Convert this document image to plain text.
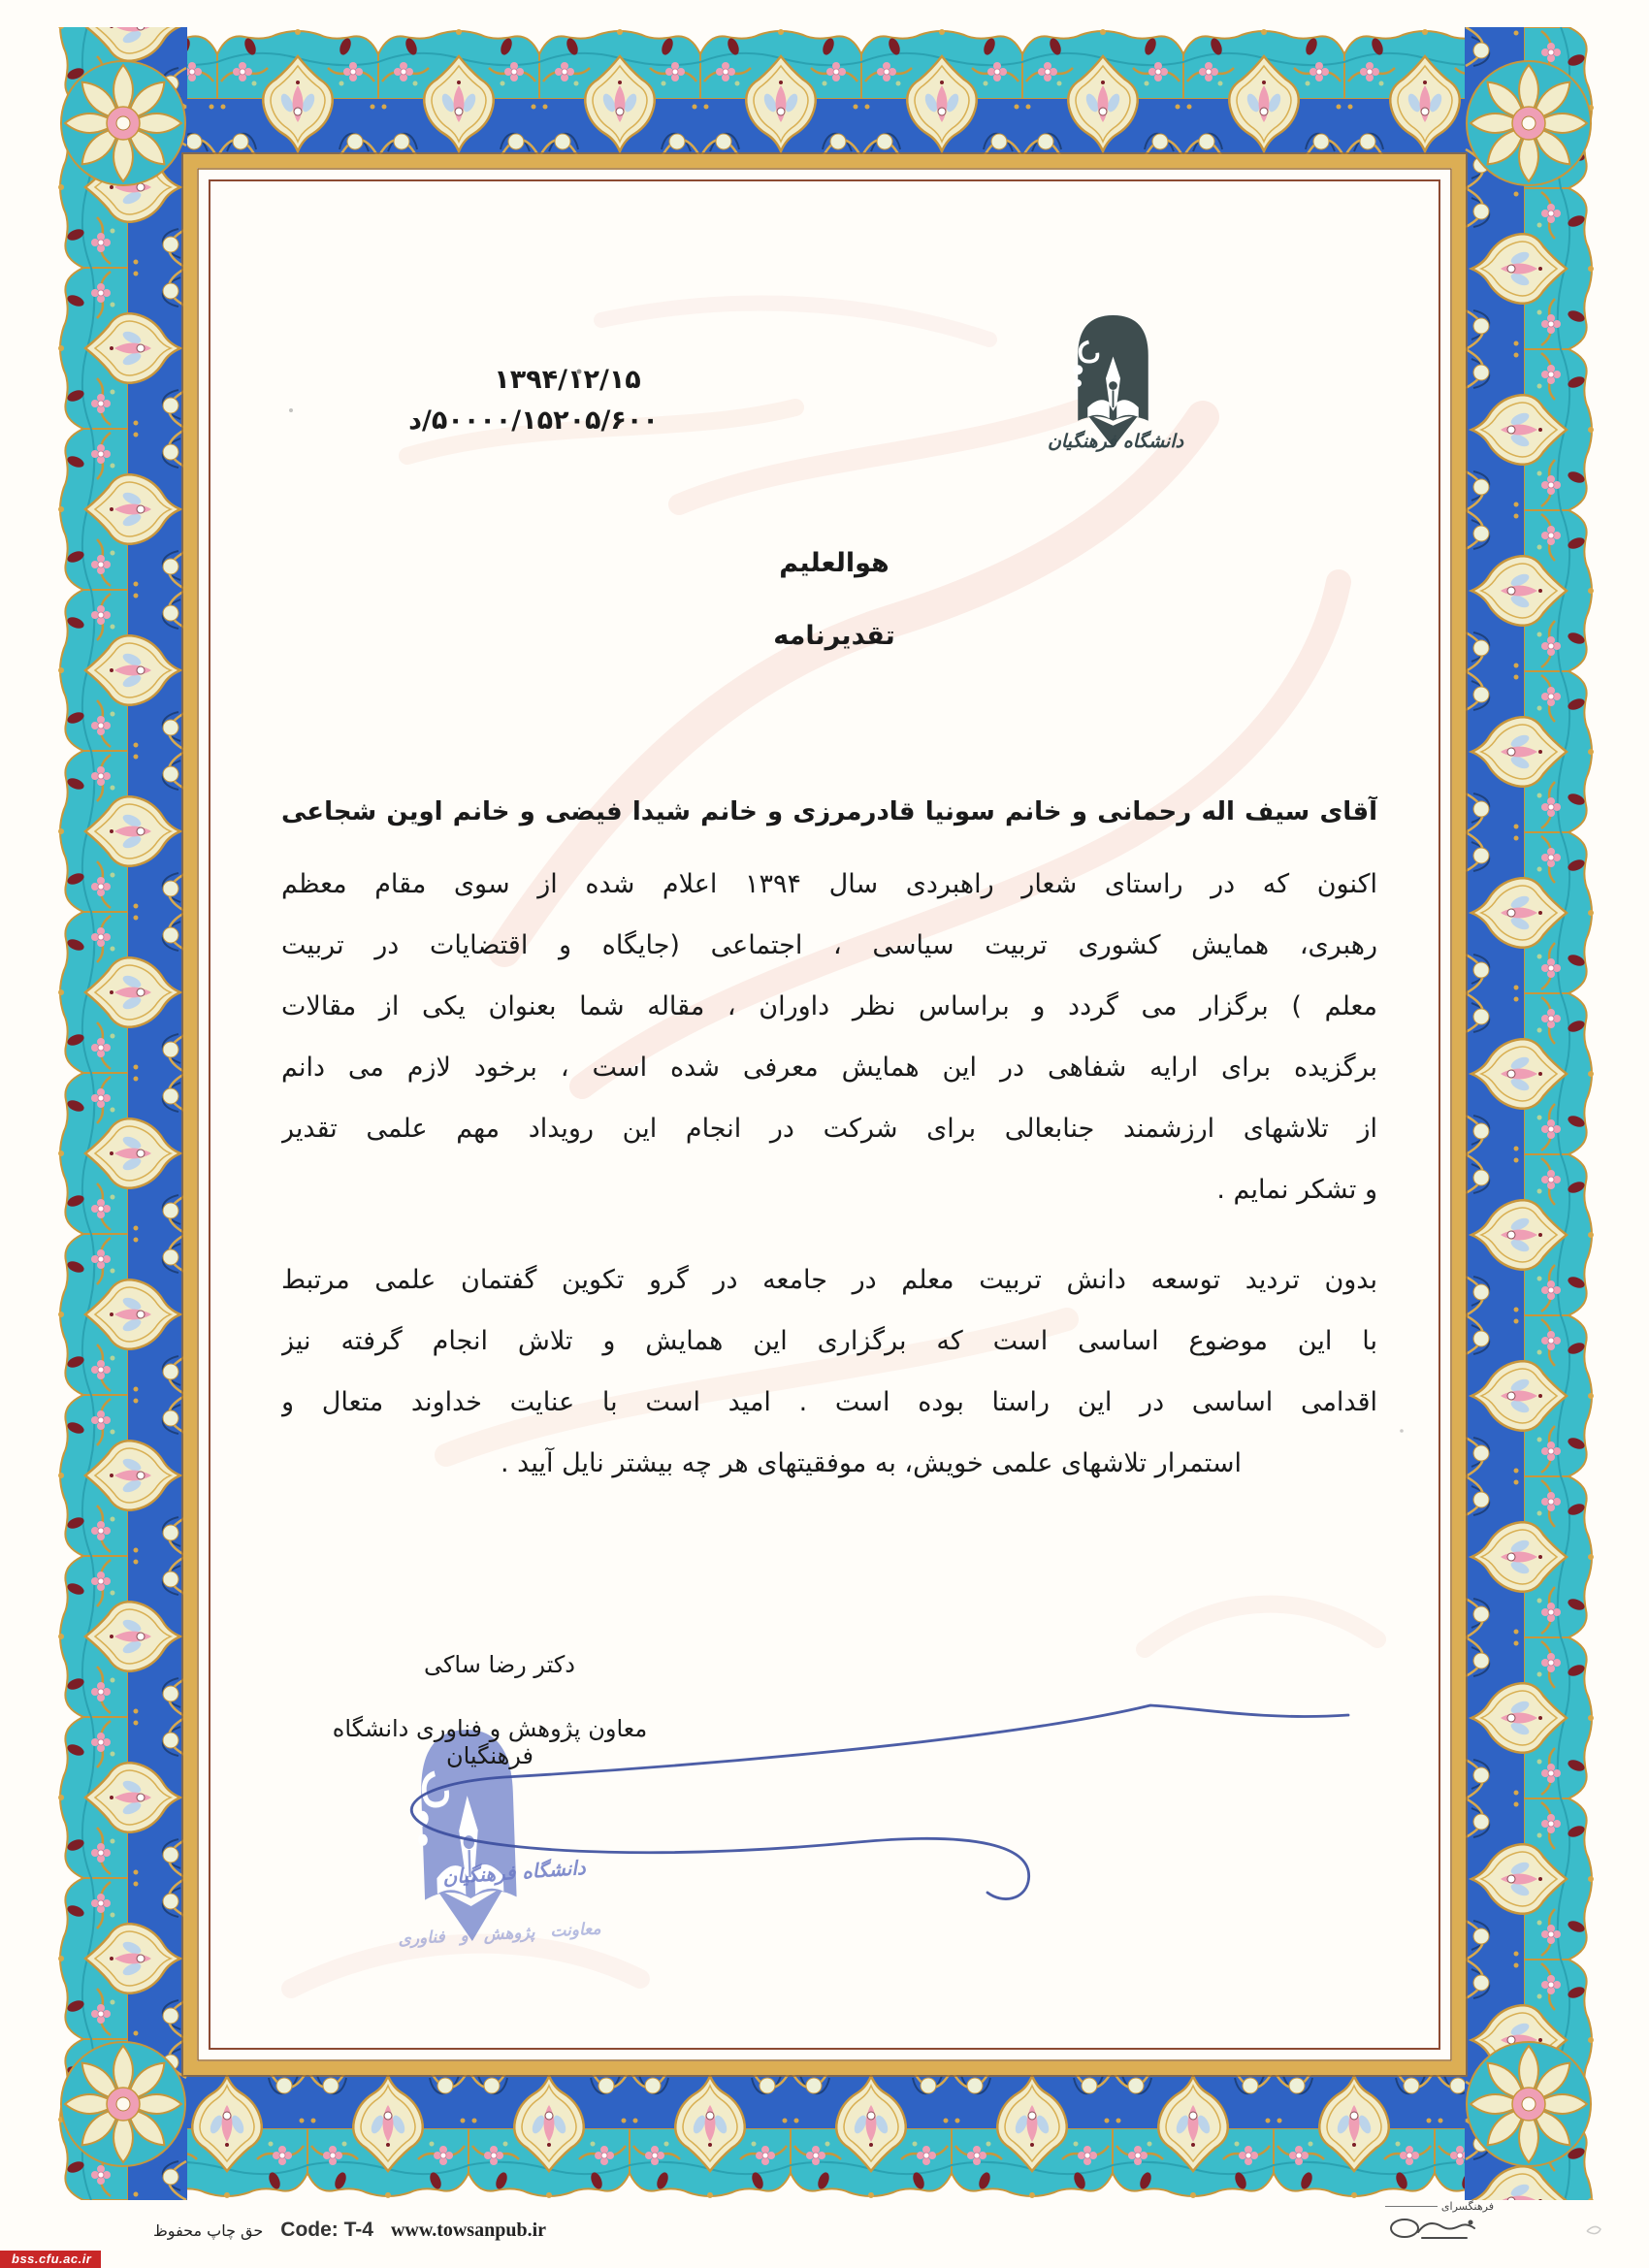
۱۳۹۴/۱۲/۱۵
۵۰۰۰۰/۱۵۲۰۵/۶۰۰/د
دانشگاه فرهنگیان
هوالعلیم
تقدیرنامه
آقای سیف اله رحمانی و خانم سونیا قادرمرزی و خانم شیدا فیضی و خانم اوین شجاعی
اکنون که در راستای شعار راهبردی سال ۱۳۹۴ اعلام شده از سوی مقام معظم
رهبری، همایش کشوری تربیت سیاسی ، اجتماعی (جایگاه و اقتضایات در تربیت
معلم ) برگزار می گردد و براساس نظر داوران ، مقاله شما بعنوان یکی از مقالات
برگزیده برای ارایه شفاهی در این همایش معرفی شده است ، برخود لازم می دانم
از تلاشهای ارزشمند جنابعالی برای شرکت در انجام این رویداد مهم علمی تقدیر
و تشکر نمایم .
بدون تردید توسعه دانش تربیت معلم در جامعه در گرو تکوین گفتمان علمی مرتبط
با این موضوع اساسی است که برگزاری این همایش و تلاش انجام گرفته نیز
اقدامی اساسی در این راستا بوده است . امید است با عنایت خداوند متعال و
استمرار تلاشهای علمی خویش، به موفقیتهای هر چه بیشتر نایل آیید .
دکتر رضا ساکی
معاون پژوهش و فناوری دانشگاه فرهنگیان
دانشگاه فرهنگیان
معاونت پژوهش و فناوری
حق چاپ محفوظ Code: T-4 www.towsanpub.ir
bss.cfu.ac.ir
فرهنگسرای
